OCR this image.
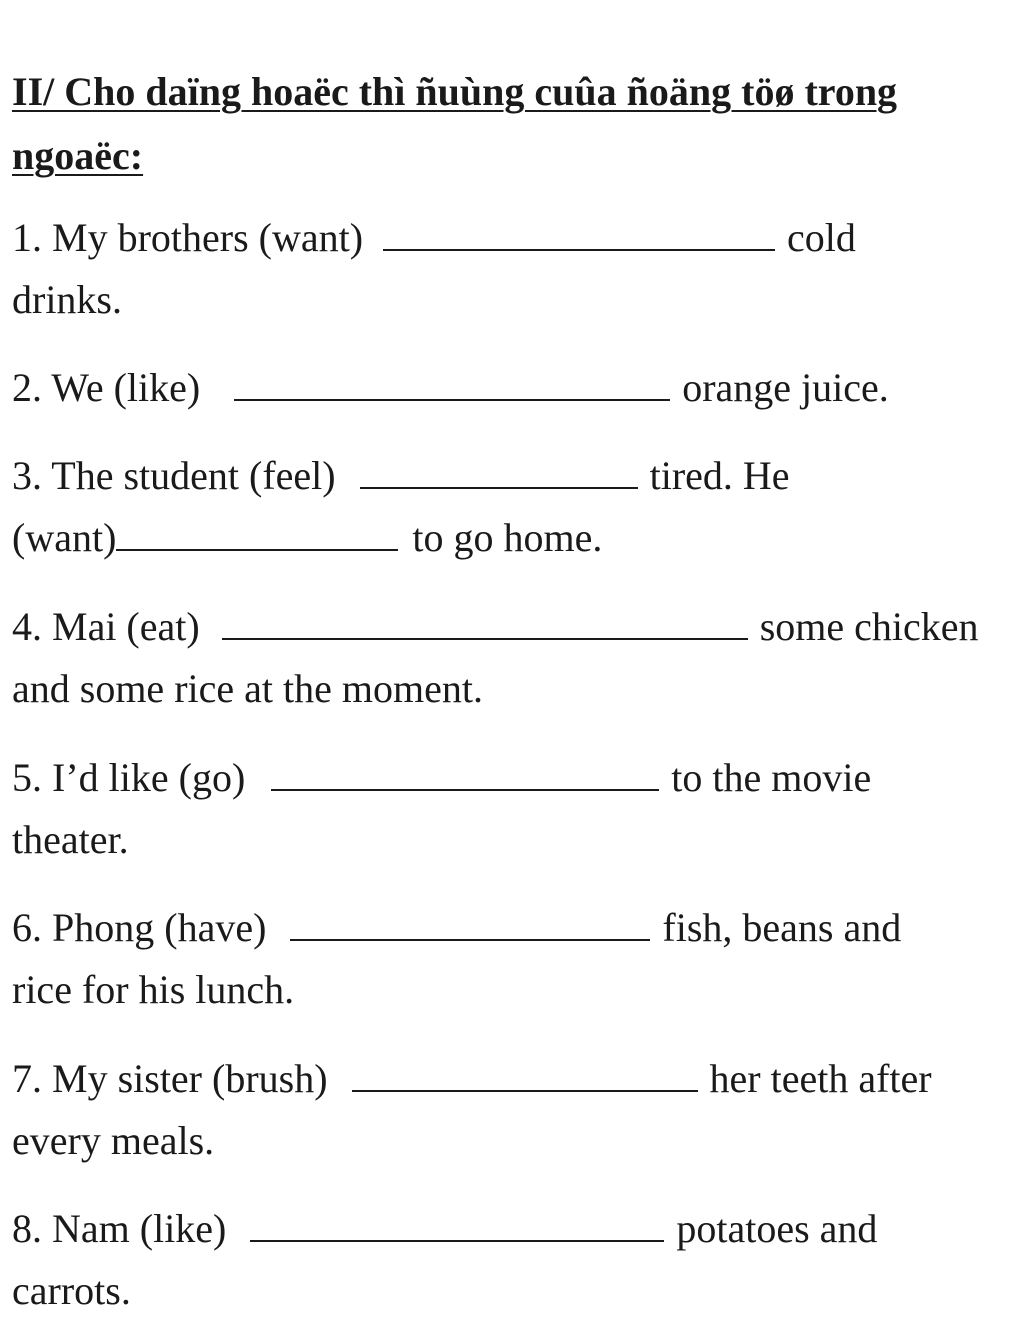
II/ Cho daïng hoaëc thì ñuùng cuûa ñoäng töø trong ngoaëc:
1. My brothers (want)	cold
drinks.
2. We (like)	orange juice.
3. The student (feel)	tired. He
(want)	to go home.
4. Mai (eat)	some chicken
and some rice at the moment.
5. I’d like (go)	to the movie
theater.
6. Phong (have)	fish, beans and
rice for his lunch.
7. My sister (brush)	her teeth after
every meals.
8. Nam (like)	potatoes and
carrots.
